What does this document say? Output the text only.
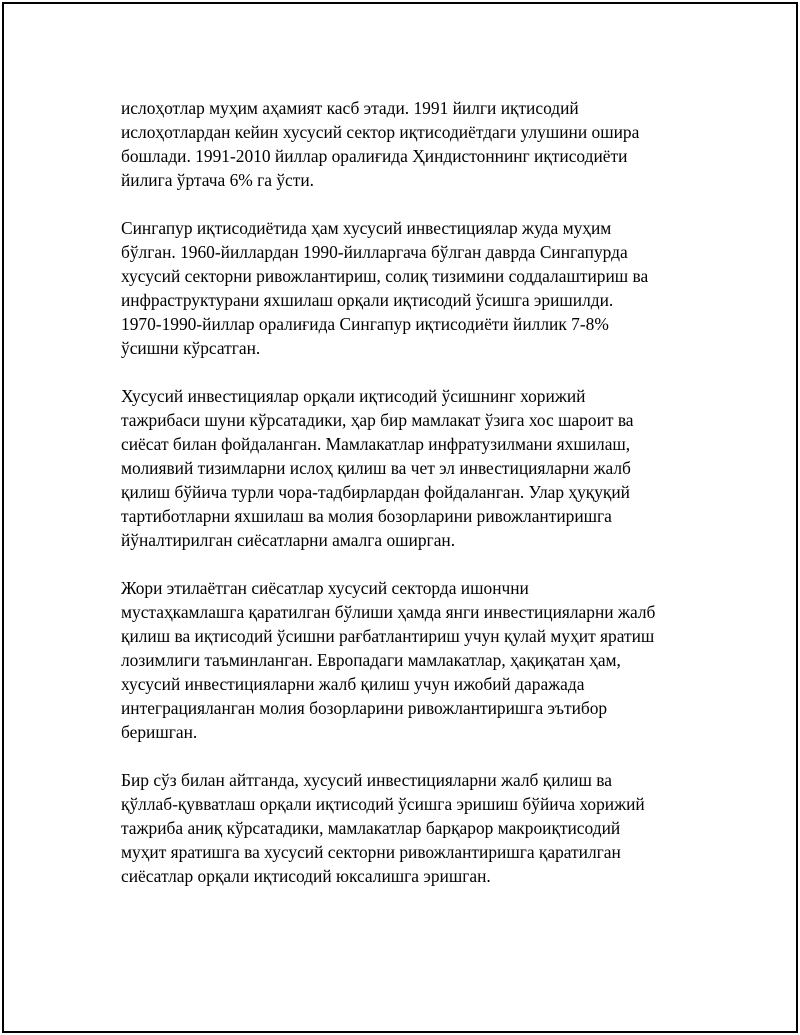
ислоҳотлар муҳим аҳамият касб этади. 1991 йилги иқтисодий
ислоҳотлардан кейин хусусий сектор иқтисодиётдаги улушини ошира
бошлади. 1991-2010 йиллар оралиғида Ҳиндистоннинг иқтисодиёти
йилига ўртача 6% га ўсти.

Сингапур иқтисодиётида ҳам хусусий инвестициялар жуда муҳим
бўлган. 1960-йиллардан 1990-йилларгача бўлган даврда Сингапурда
хусусий секторни ривожлантириш, солиқ тизимини соддалаштириш ва
инфраструктурани яхшилаш орқали иқтисодий ўсишга эришилди.
1970-1990-йиллар оралиғида Сингапур иқтисодиёти йиллик 7-8%
ўсишни кўрсатган.

Хусусий инвестициялар орқали иқтисодий ўсишнинг хорижий
тажрибаси шуни кўрсатадики, ҳар бир мамлакат ўзига хос шароит ва
сиёсат билан фойдаланган. Мамлакатлар инфратузилмани яхшилаш,
молиявий тизимларни ислоҳ қилиш ва чет эл инвестицияларни жалб
қилиш бўйича турли чора-тадбирлардан фойдаланган. Улар ҳуқуқий
тартиботларни яхшилаш ва молия бозорларини ривожлантиришга
йўналтирилган сиёсатларни амалга оширган.

Жори этилаётган сиёсатлар хусусий секторда ишончни
мустаҳкамлашга қаратилган бўлиши ҳамда янги инвестицияларни жалб
қилиш ва иқтисодий ўсишни рағбатлантириш учун қулай муҳит яратиш
лозимлиги таъминланган. Европадаги мамлакатлар, ҳақиқатан ҳам,
хусусий инвестицияларни жалб қилиш учун ижобий даражада
интеграцияланган молия бозорларини ривожлантиришга эътибор
беришган.

Бир сўз билан айтганда, хусусий инвестицияларни жалб қилиш ва
қўллаб-қувватлаш орқали иқтисодий ўсишга эришиш бўйича хорижий
тажриба аниқ кўрсатадики, мамлакатлар барқарор макроиқтисодий
муҳит яратишга ва хусусий секторни ривожлантиришга қаратилган
сиёсатлар орқали иқтисодий юксалишга эришган.
